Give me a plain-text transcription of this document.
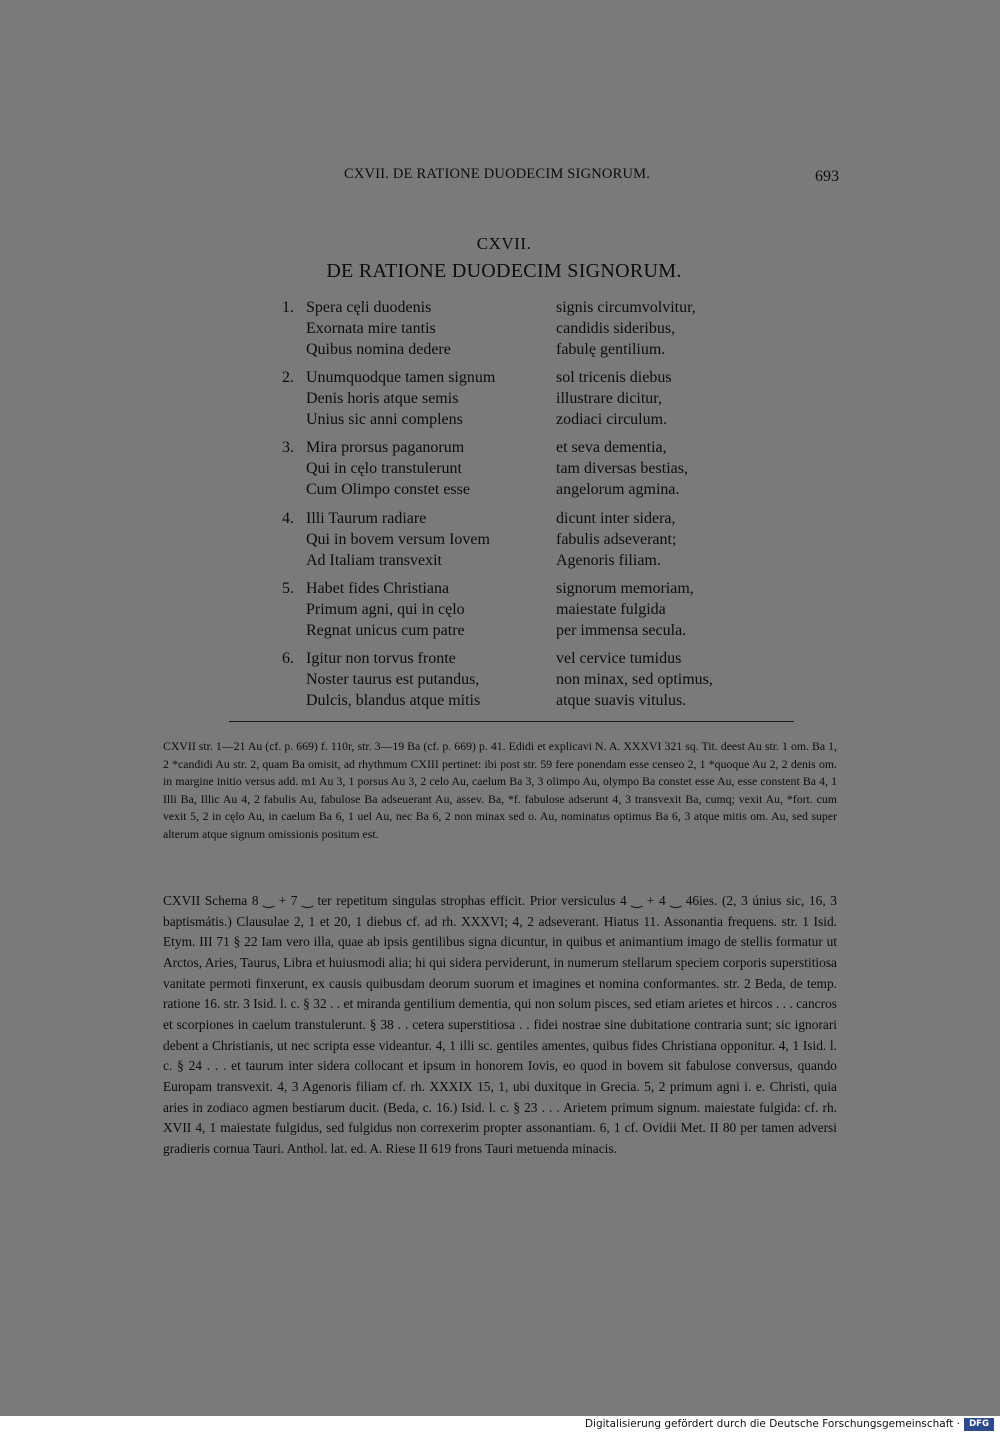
CXVII. DE RATIONE DUODECIM SIGNORUM.	693
CXVII.
DE RATIONE DUODECIM SIGNORUM.
1. Spera cęli duodenis	signis circumvolvitur,
Exornata mire tantis	candidis sideribus,
Quibus nomina dedere	fabulę gentilium.
2. Unumquodque tamen signum	sol tricenis diebus
Denis horis atque semis	illustrare dicitur,
Unius sic anni complens	zodiaci circulum.
3. Mira prorsus paganorum	et seva dementia,
Qui in cęlo transtulerunt	tam diversas bestias,
Cum Olimpo constet esse	angelorum agmina.
4. Illi Taurum radiare	dicunt inter sidera,
Qui in bovem versum Iovem	fabulis adseverant;
Ad Italiam transvexit	Agenoris filiam.
5. Habet fides Christiana	signorum memoriam,
Primum agni, qui in cęlo	maiestate fulgida
Regnat unicus cum patre	per immensa secula.
6. Igitur non torvus fronte	vel cervice tumidus
Noster taurus est putandus,	non minax, sed optimus,
Dulcis, blandus atque mitis	atque suavis vitulus.

CXVII str. 1—21 Au (cf. p. 669) f. 110r, str. 3—19 Ba (cf. p. 669) p. 41. Edidi et explicavi N. A. XXXVI 321 sq. Tit. deest Au str. 1 om. Ba 1, 2 *candidi Au str. 2, quam Ba omisit, ad rhythmum CXIII pertinet: ibi post str. 59 fere ponendam esse censeo 2, 1 *quoque Au 2, 2 denis om. in margine initio versus add. m1 Au 3, 1 porsus Au 3, 2 celo Au, caelum Ba 3, 3 olimpo Au, olympo Ba constet esse Au, esse constent Ba 4, 1 Illi Ba, Illic Au 4, 2 fabulis Au, fabulose Ba adseuerant Au, assev. Ba, *f. fabulose adserunt 4, 3 transvexit Ba, cumq; vexit Au, *fort. cum vexit 5, 2 in cęlo Au, in caelum Ba 6, 1 uel Au, nec Ba 6, 2 non minax sed o. Au, nominatus optimus Ba 6, 3 atque mitis om. Au, sed super alterum atque signum omissionis positum est.

CXVII Schema 8 ‿ + 7 ‿ ter repetitum singulas strophas efficit. Prior versiculus 4 ‿ + 4 ‿ 46ies. (2, 3 únius sic, 16, 3 baptismátis.) Clausulae 2, 1 et 20, 1 diebus cf. ad rh. XXXVI; 4, 2 adseverant. Hiatus 11. Assonantia frequens. str. 1 Isid. Etym. III 71 § 22 Iam vero illa, quae ab ipsis gentilibus signa dicuntur, in quibus et animantium imago de stellis formatur ut Arctos, Aries, Taurus, Libra et huiusmodi alia; hi qui sidera perviderunt, in numerum stellarum speciem corporis superstitiosa vanitate permoti finxerunt, ex causis quibusdam deorum suorum et imagines et nomina conformantes. str. 2 Beda, de temp. ratione 16. str. 3 Isid. l. c. § 32 . . et miranda gentilium dementia, qui non solum pisces, sed etiam arietes et hircos . . . cancros et scorpiones in caelum transtulerunt. § 38 . . cetera superstitiosa . . fidei nostrae sine dubitatione contraria sunt; sic ignorari debent a Christianis, ut nec scripta esse videantur. 4, 1 illi sc. gentiles amentes, quibus fides Christiana opponitur. 4, 1 Isid. l. c. § 24 . . . et taurum inter sidera collocant et ipsum in honorem Iovis, eo quod in bovem sit fabulose conversus, quando Europam transvexit. 4, 3 Agenoris filiam cf. rh. XXXIX 15, 1, ubi duxitque in Grecia. 5, 2 primum agni i. e. Christi, quia aries in zodiaco agmen bestiarum ducit. (Beda, c. 16.) Isid. l. c. § 23 . . . Arietem primum signum. maiestate fulgida: cf. rh. XVII 4, 1 maiestate fulgidus, sed fulgidus non correxerim propter assonantiam. 6, 1 cf. Ovidii Met. II 80 per tamen adversi gradieris cornua Tauri. Anthol. lat. ed. A. Riese II 619 frons Tauri metuenda minacis.

Digitalisierung gefördert durch die Deutsche Forschungsgemeinschaft ·	DFG
